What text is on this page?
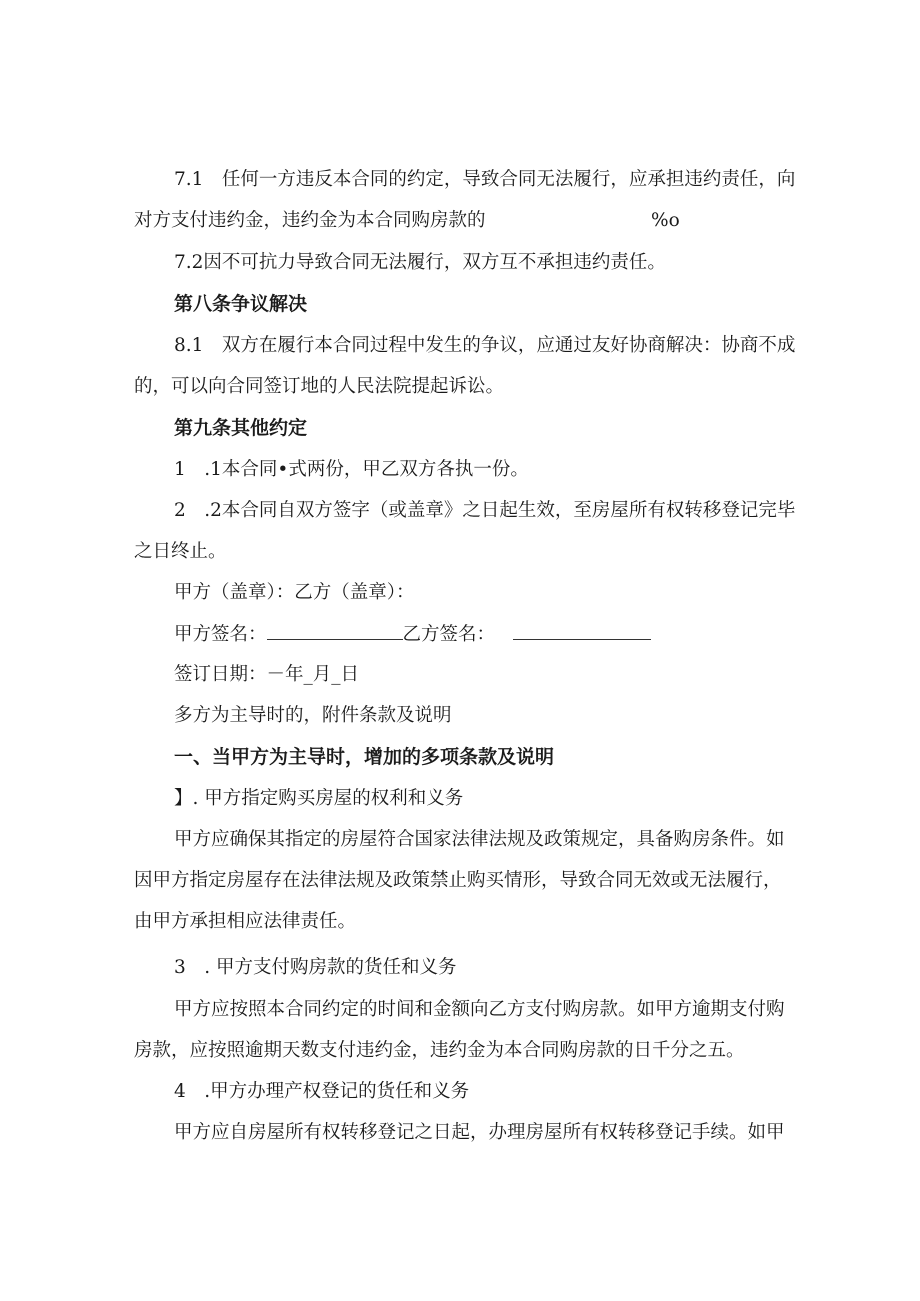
7.1　任何一方违反本合同的约定，导致合同无法履行，应承担违约责任，向
对方支付违约金，违约金为本合同购房款的	%o
7.2因不可抗力导致合同无法履行，双方互不承担违约责任。
第八条争议解决
8.1　双方在履行本合同过程中发生的争议，应通过友好协商解决：协商不成
的，可以向合同签订地的人民法院提起诉讼。
第九条其他约定
1　.1本合同•式两份，甲乙双方各执一份。
2　.2本合同自双方签字（或盖章》之日起生效，至房屋所有权转移登记完毕
之日终止。
甲方（盖章）：乙方（盖章）：
甲方签名：	乙方签名：
签订日期：－年_月_日
多方为主导时的，附件条款及说明
一、当甲方为主导时，增加的多项条款及说明
】. 甲方指定购买房屋的权利和义务
甲方应确保其指定的房屋符合国家法律法规及政策规定，具备购房条件。如
因甲方指定房屋存在法律法规及政策禁止购买情形，导致合同无效或无法履行，
由甲方承担相应法律责任。
3　. 甲方支付购房款的货任和义务
甲方应按照本合同约定的时间和金额向乙方支付购房款。如甲方逾期支付购
房款，应按照逾期天数支付违约金，违约金为本合同购房款的日千分之五。
4　.甲方办理产权登记的货任和义务
甲方应自房屋所有权转移登记之日起，办理房屋所有权转移登记手续。如甲
